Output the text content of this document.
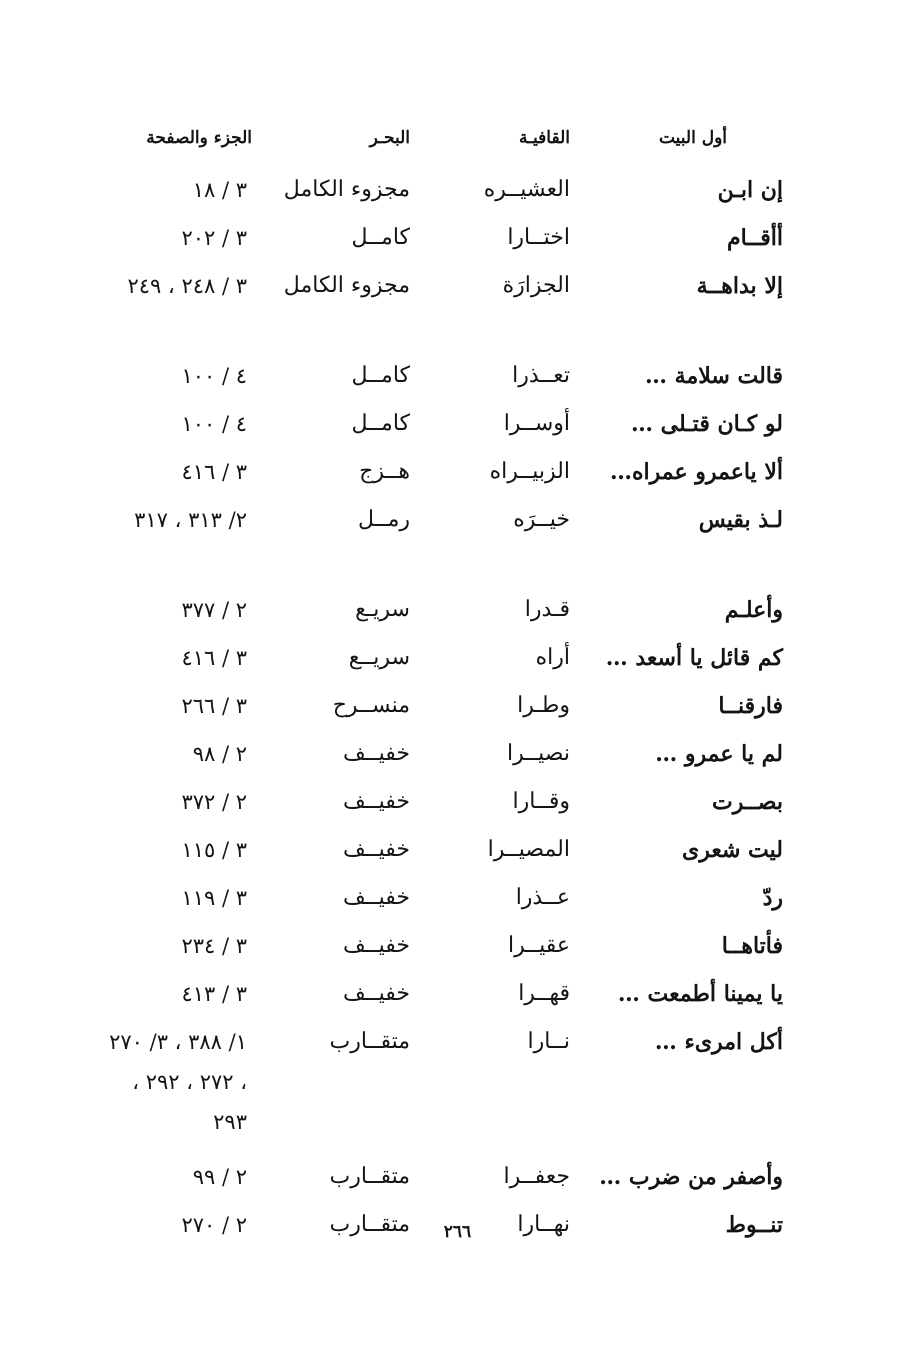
أول البيت
القافيـة
البحـر
الجزء والصفحة
إن ابـن
العشيــره
مجزوء الكامل
٣ / ١٨
أأقــام
اختــارا
كامــل
٣ / ٢٠٢
إلا بداهــة
الجزارَة
مجزوء الكامل
٣ / ٢٤٨ ، ٢٤٩
قالت سلامة …
تعــذرا
كامــل
٤ / ١٠٠
لو كـان قتـلى …
أوســرا
كامــل
٤ / ١٠٠
ألا ياعمرو عمراه…
الزبيــراه
هــزج
٣ / ٤١٦
لـذ بقيس
خيــرَه
رمــل
٢/ ٣١٣ ، ٣١٧
وأعلـم
قـدرا
سريـع
٢ / ٣٧٧
كم قائل يا أسعد …
أراه
سريــع
٣ / ٤١٦
فارقنــا
وطـرا
منســرح
٣ / ٢٦٦
لم يا عمرو …
نصيــرا
خفيــف
٢ / ٩٨
بصــرت
وقــارا
خفيــف
٢ / ٣٧٢
ليت شعرى
المصيــرا
خفيــف
٣ / ١١٥
ردّ
عــذرا
خفيــف
٣ / ١١٩
فأتاهــا
عقيــرا
خفيــف
٣ / ٢٣٤
يا يمينا أطمعت …
قهــرا
خفيــف
٣ / ٤١٣
أكل امرىء …
نــارا
متقــارب
١/ ٣٨٨ ، ٣/ ٢٧٠ ، ٢٧٢ ، ٢٩٢ ، ٢٩٣
وأصفر من ضرب …
جعفــرا
متقــارب
٢ / ٩٩
تنــوط
نهــارا
متقــارب
٢ / ٢٧٠	٢٦٦
